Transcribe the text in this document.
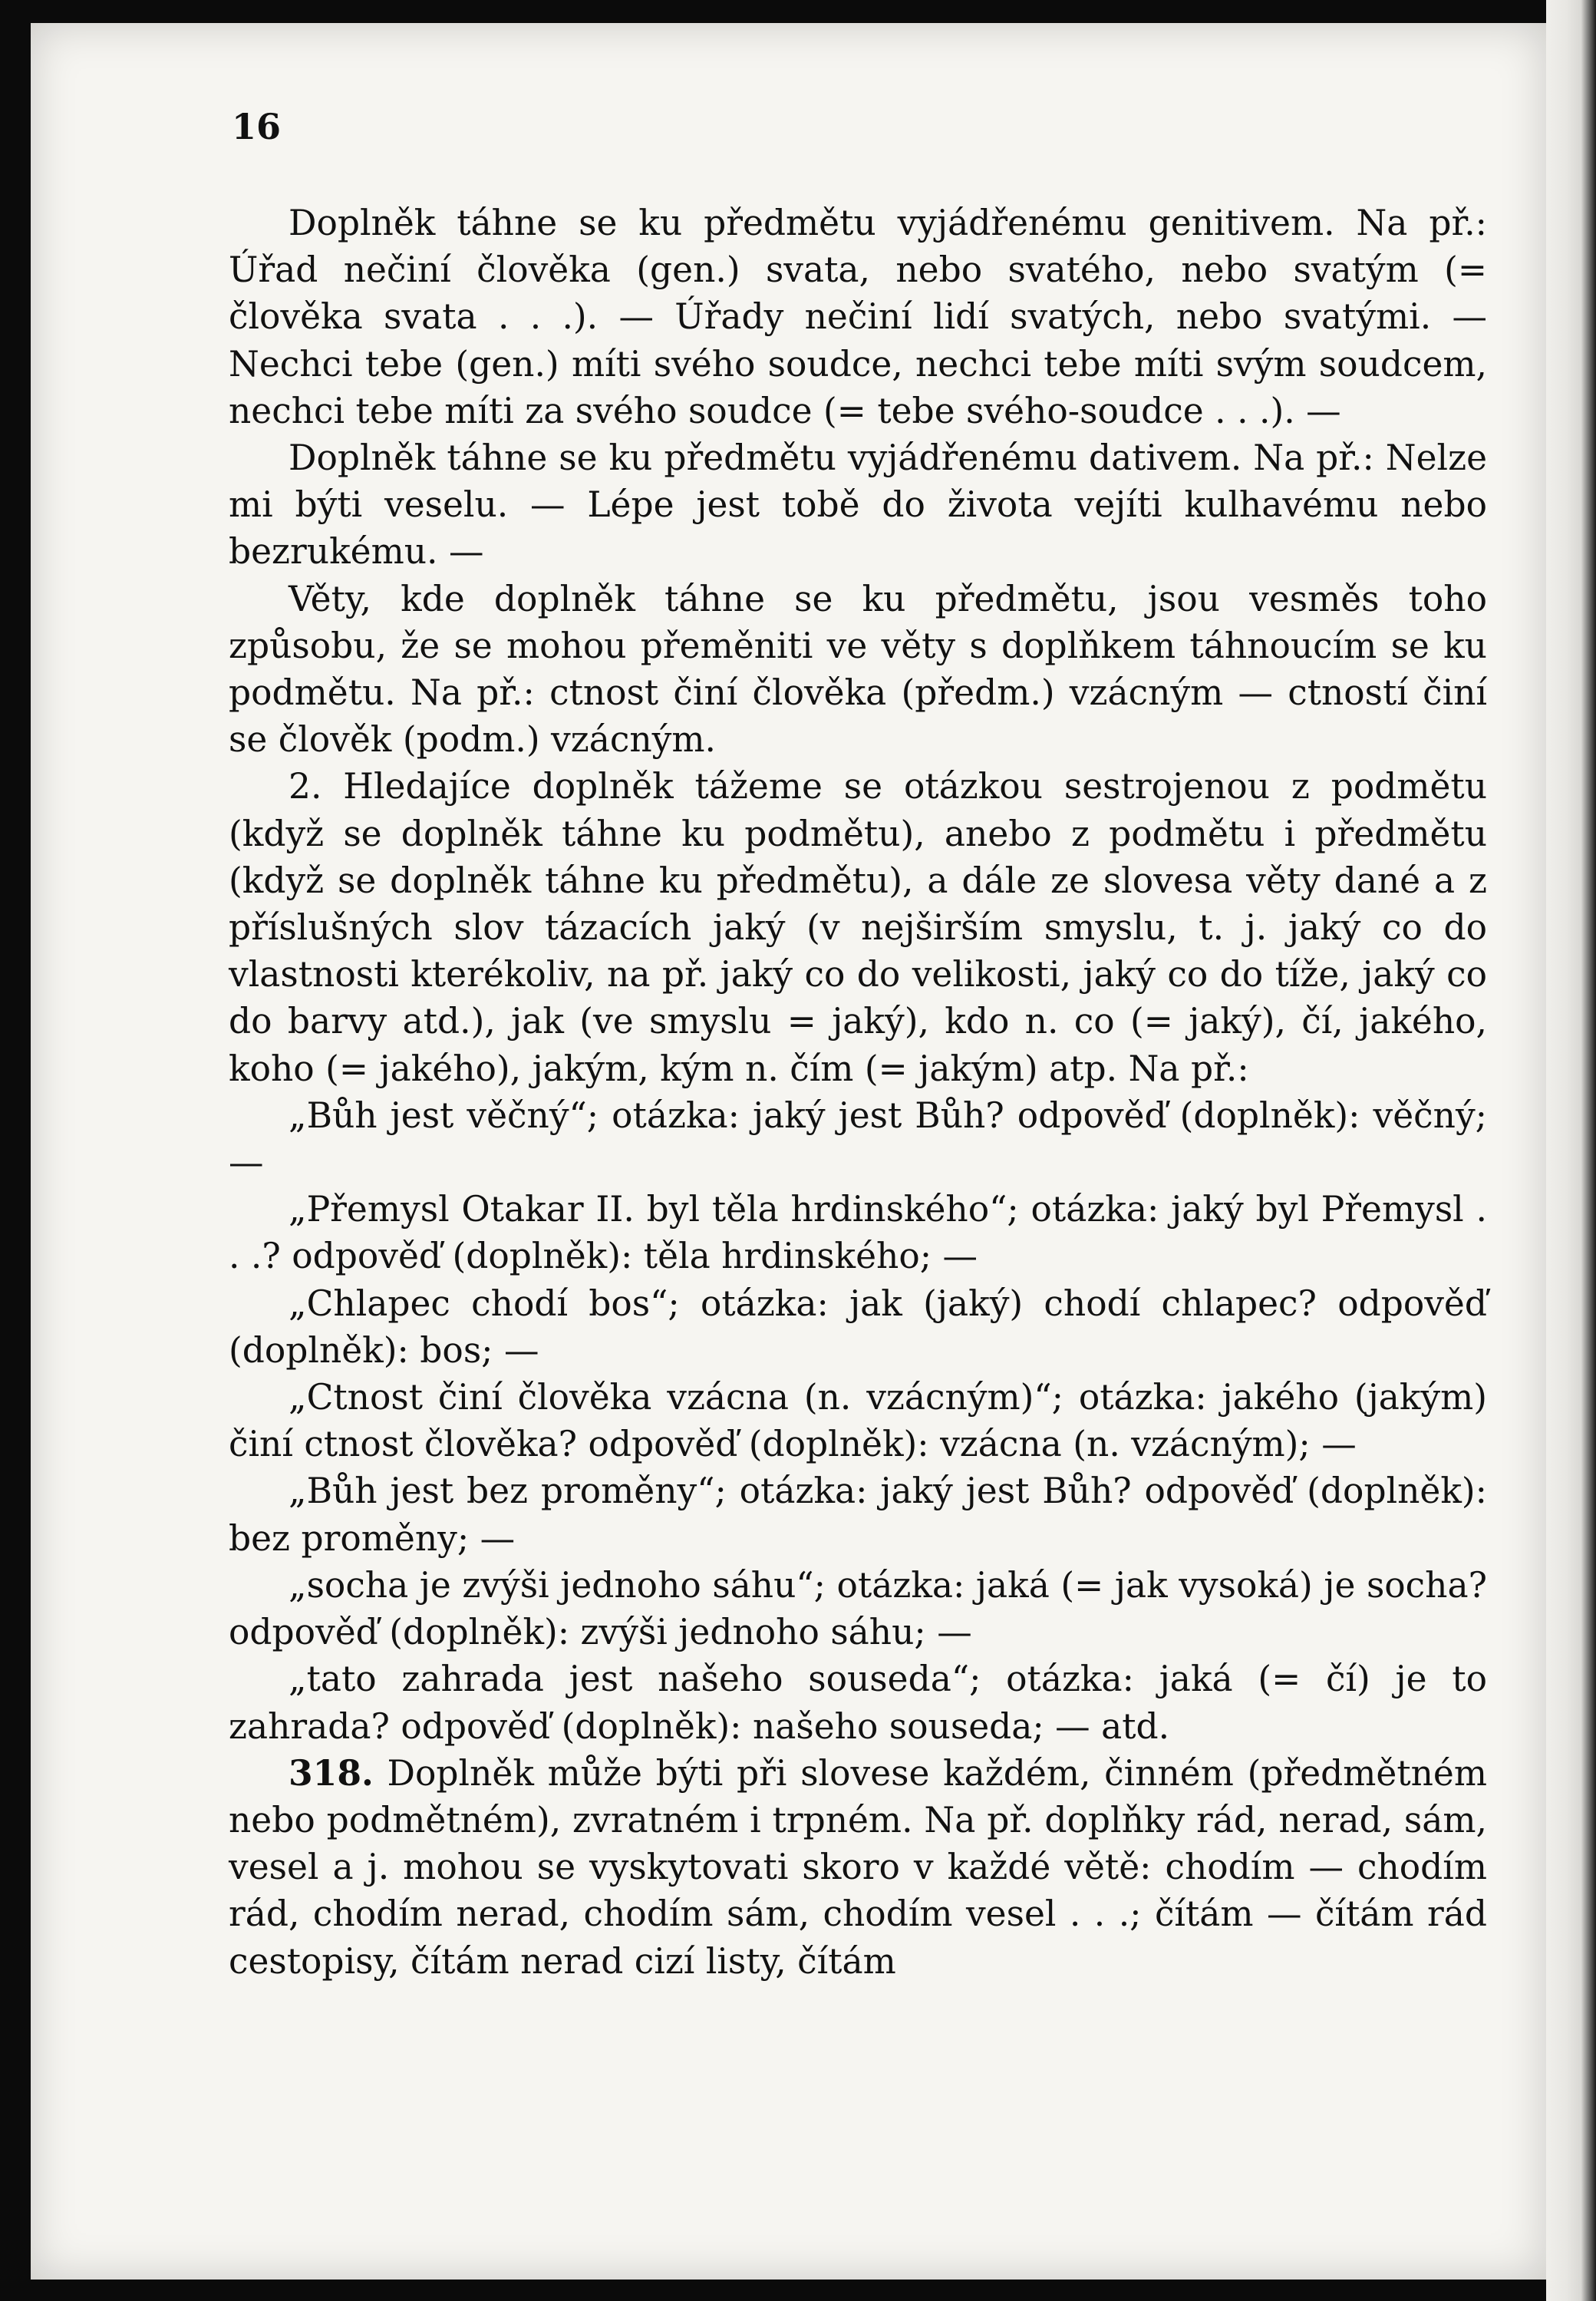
16

Doplněk táhne se ku předmětu vyjádřenému genitivem. Na př.: Úřad nečiní člověka (gen.) svata, nebo svatého, nebo svatým (= člověka svata . . .). — Úřady nečiní lidí svatých, nebo svatými. — Nechci tebe (gen.) míti svého soudce, nechci tebe míti svým soudcem, nechci tebe míti za svého soudce (= tebe svého-soudce . . .). —

Doplněk táhne se ku předmětu vyjádřenému dativem. Na př.: Nelze mi býti veselu. — Lépe jest tobě do života vejíti kulhavému nebo bezrukému. —

Věty, kde doplněk táhne se ku předmětu, jsou vesměs toho způsobu, že se mohou přeměniti ve věty s doplňkem táhnoucím se ku podmětu. Na př.: ctnost činí člověka (předm.) vzácným — ctností činí se člověk (podm.) vzácným.

2. Hledajíce doplněk tážeme se otázkou sestrojenou z podmětu (když se doplněk táhne ku podmětu), anebo z podmětu i předmětu (když se doplněk táhne ku předmětu), a dále ze slovesa věty dané a z příslušných slov tázacích jaký (v nejširším smyslu, t. j. jaký co do vlastnosti kterékoliv, na př. jaký co do velikosti, jaký co do tíže, jaký co do barvy atd.), jak (ve smyslu = jaký), kdo n. co (= jaký), čí, jakého, koho (= jakého), jakým, kým n. čím (= jakým) atp. Na př.:

„Bůh jest věčný“; otázka: jaký jest Bůh? odpověď (doplněk): věčný; —

„Přemysl Otakar II. byl těla hrdinského“; otázka: jaký byl Přemysl . . .? odpověď (doplněk): těla hrdinského; —

„Chlapec chodí bos“; otázka: jak (jaký) chodí chlapec? odpověď (doplněk): bos; —

„Ctnost činí člověka vzácna (n. vzácným)“; otázka: jakého (jakým) činí ctnost člověka? odpověď (doplněk): vzácna (n. vzácným); —

„Bůh jest bez proměny“; otázka: jaký jest Bůh? odpověď (doplněk): bez proměny; —

„socha je zvýši jednoho sáhu“; otázka: jaká (= jak vysoká) je socha? odpověď (doplněk): zvýši jednoho sáhu; —

„tato zahrada jest našeho souseda“; otázka: jaká (= čí) je to zahrada? odpověď (doplněk): našeho souseda; — atd.

318. Doplněk může býti při slovese každém, činném (předmětném nebo podmětném), zvratném i trpném. Na př. doplňky rád, nerad, sám, vesel a j. mohou se vyskytovati skoro v každé větě: chodím — chodím rád, chodím nerad, chodím sám, chodím vesel . . .; čítám — čítám rád cestopisy, čítám nerad cizí listy, čítám
